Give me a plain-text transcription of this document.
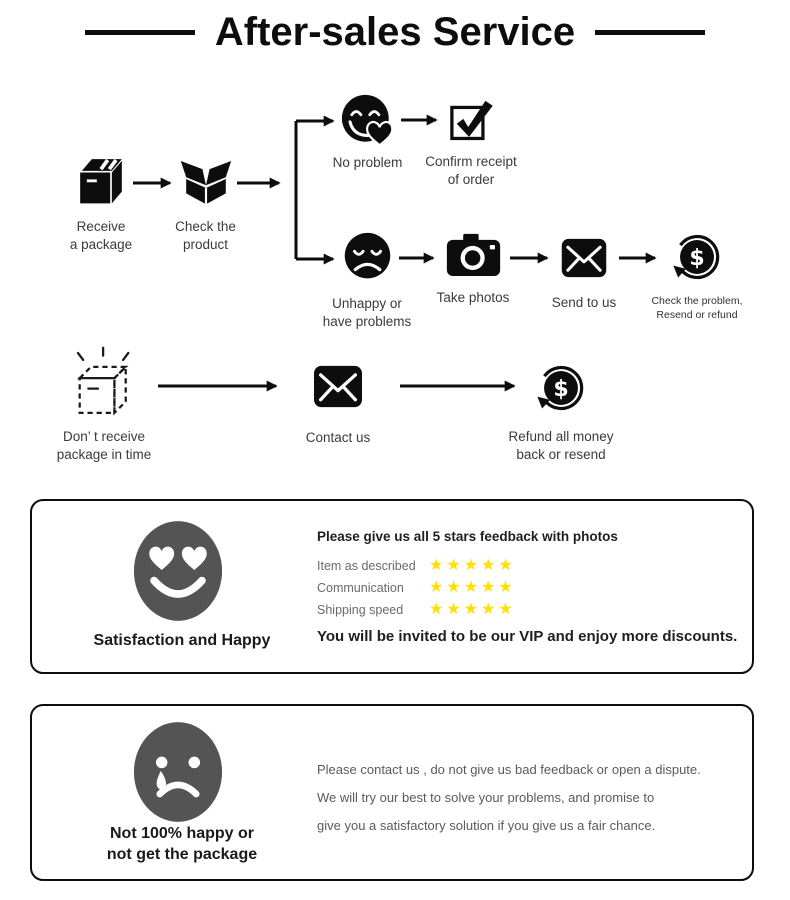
After-sales Service
Receive
a package
Check the
product
No problem Confirm receipt
of order
Unhappy or
have problems
Take photos	Send to us
$
Check the problem,
Resend or refund
Don’ t receive
package in time
Contact us
$
Refund all money
back or resend
Satisfaction and Happy
Please give us all 5 stars feedback with photos
Item as described ★★★★★
Communication	★★★★★
Shipping speed	★★★★★
You will be invited to be our VIP and enjoy more discounts.
Not 100% happy or
not get the package
Please contact us , do not give us bad feedback or open a dispute.
We will try our best to solve your problems, and promise to
give you a satisfactory solution if you give us a fair chance.
